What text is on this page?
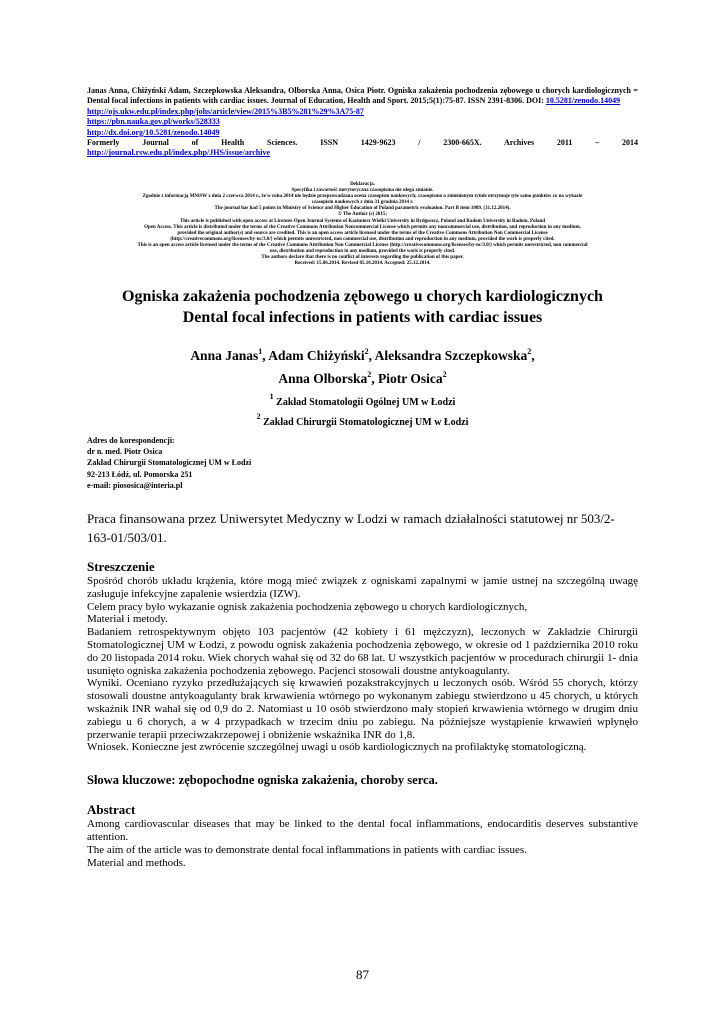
Janas Anna, Chiżyński Adam, Szczepkowska Aleksandra, Olborska Anna, Osica Piotr. Ogniska zakażenia pochodzenia zębowego u chorych kardiologicznych = Dental focal infections in patients with cardiac issues. Journal of Education, Health and Sport. 2015;5(1):75-87. ISSN 2391-8306. DOI: 10.5281/zenodo.14049
http://ojs.ukw.edu.pl/index.php/johs/article/view/2015%3B5%281%29%3A75-87
https://pbn.nauka.gov.pl/works/528333
http://dx.doi.org/10.5281/zenodo.14049
Formerly Journal of Health Sciences. ISSN 1429-9623 / 2300-665X. Archives 2011 – 2014
http://journal.rsw.edu.pl/index.php/JHS/issue/archive
Deklaracja.
Specyfika i zawartość merytoryczna czasopisma nie ulega zmianie.
Zgodnie z informacją MNiSW z dnia 2 czerwca 2014 r., że w roku 2014 nie będzie przeprowadzana ocena czasopism naukowych; czasopismo o zmienionym tytule otrzymuje tyle samo punktów co na wykazie
czasopism naukowych z dnia 31 grudnia 2014 r.
The journal has had 5 points in Ministry of Science and Higher Education of Poland parametric evaluation. Part B item 1089. (31.12.2014).
© The Author (s) 2015;
This article is published with open access at Licensee Open Journal Systems of Kazimierz Wielki University in Bydgoszcz, Poland and Radom University in Radom, Poland
Open Access. This article is distributed under the terms of the Creative Commons Attribution Noncommercial License which permits any noncommercial use, distribution, and reproduction in any medium,
provided the original author(s) and source are credited. This is an open access article licensed under the terms of the Creative Commons Attribution Non Commercial License
(http://creativecommons.org/licenses/by-nc/3.0/) which permits unrestricted, non commercial use, distribution and reproduction in any medium, provided the work is properly cited.
This is an open access article licensed under the terms of the Creative Commons Attribution Non Commercial License (http://creativecommons.org/licenses/by-nc/3.0/) which permits unrestricted, non commercial
use, distribution and reproduction in any medium, provided the work is properly cited.
The authors declare that there is no conflict of interests regarding the publication of this paper.
Received: 15.06.2014. Revised 05.10.2014. Accepted: 25.12.2014.
Ogniska zakażenia pochodzenia zębowego u chorych kardiologicznych
Dental focal infections in patients with cardiac issues
Anna Janas$^1$, Adam Chiżyński$^2$, Aleksandra Szczepkowska$^2$,
Anna Olborska$^2$, Piotr Osica$^2$
$^1$ Zakład Stomatologii Ogólnej UM w Łodzi
$^2$ Zakład Chirurgii Stomatologicznej UM w Łodzi
Adres do korespondencji:
dr n. med. Piotr Osica
Zakład Chirurgii Stomatologicznej UM w Łodzi
92-213 Łódź, ul. Pomorska 251
e-mail: piososica@interia.pl
Praca finansowana przez Uniwersytet Medyczny w Lodzi w ramach działalności statutowej nr 503/2-163-01/503/01.
Streszczenie

Spośród chorób układu krążenia, które mogą mieć związek z ogniskami zapalnymi w jamie ustnej na szczególną uwagę zasługuje infekcyjne zapalenie wsierdzia (IZW).

Celem pracy było wykazanie ognisk zakażenia pochodzenia zębowego u chorych kardiologicznych,

Materiał i metody.

Badaniem retrospektywnym objęto 103 pacjentów (42 kobiety i 61 mężczyzn), leczonych w Zakładzie Chirurgii Stomatologicznej UM w Łodzi, z powodu ognisk zakażenia pochodzenia zębowego, w okresie od 1 października 2010 roku do 20 listopada 2014 roku. Wiek chorych wahał się od 32 do 68 lat. U wszystkich pacjentów w procedurach chirurgii 1- dnia usunięto ogniska zakażenia pochodzenia zębowego. Pacjenci stosowali doustne antykoagulanty.

Wyniki. Oceniano ryzyko przedłużających się krwawień pozakstrakcyjnych u leczonych osób. Wśród 55 chorych, którzy stosowali doustne antykoagulanty brak krwawienia wtórnego po wykonanym zabiegu stwierdzono u 45 chorych, u których wskaźnik INR wahał się od 0,9 do 2. Natomiast u 10 osób stwierdzono mały stopień krwawienia wtórnego w drugim dniu zabiegu u 6 chorych, a w 4 przypadkach w trzecim dniu po zabiegu. Na późniejsze wystąpienie krwawień wpłynęło przerwanie terapii przeciwzakrzepowej i obniżenie wskaźnika INR do 1,8.

Wniosek. Konieczne jest zwrócenie szczególnej uwagi u osób kardiologicznych na profilaktykę stomatologiczną.

Słowa kluczowe: zębopochodne ogniska zakażenia, choroby serca.

Abstract

Among cardiovascular diseases that may be linked to the dental focal inflammations, endocarditis deserves substantive attention.

The aim of the article was to demonstrate dental focal inflammations in patients with cardiac issues.

Material and methods.

87
